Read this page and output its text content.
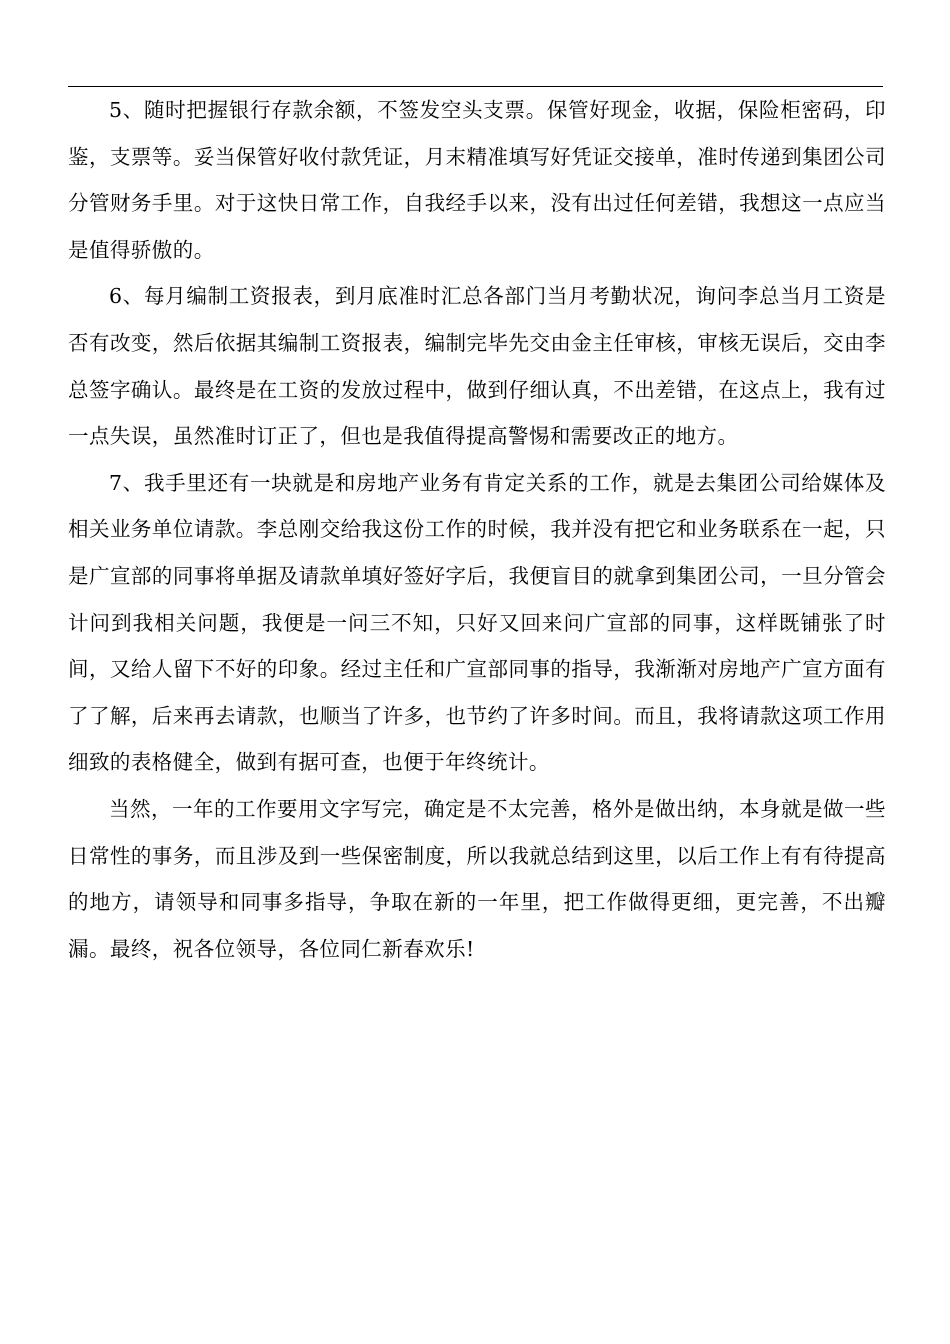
5、随时把握银行存款余额，不签发空头支票。保管好现金，收据，保险柜密码，印鉴，支票等。妥当保管好收付款凭证，月末精准填写好凭证交接单，准时传递到集团公司分管财务手里。对于这快日常工作，自我经手以来，没有出过任何差错，我想这一点应当是值得骄傲的。

6、每月编制工资报表，到月底准时汇总各部门当月考勤状况，询问李总当月工资是否有改变，然后依据其编制工资报表，编制完毕先交由金主任审核，审核无误后，交由李总签字确认。最终是在工资的发放过程中，做到仔细认真，不出差错，在这点上，我有过一点失误，虽然准时订正了，但也是我值得提高警惕和需要改正的地方。

7、我手里还有一块就是和房地产业务有肯定关系的工作，就是去集团公司给媒体及相关业务单位请款。李总刚交给我这份工作的时候，我并没有把它和业务联系在一起，只是广宣部的同事将单据及请款单填好签好字后，我便盲目的就拿到集团公司，一旦分管会计问到我相关问题，我便是一问三不知，只好又回来问广宣部的同事，这样既铺张了时间，又给人留下不好的印象。经过主任和广宣部同事的指导，我渐渐对房地产广宣方面有了了解，后来再去请款，也顺当了许多，也节约了许多时间。而且，我将请款这项工作用细致的表格健全，做到有据可查，也便于年终统计。

当然，一年的工作要用文字写完，确定是不太完善，格外是做出纳，本身就是做一些日常性的事务，而且涉及到一些保密制度，所以我就总结到这里，以后工作上有有待提高的地方，请领导和同事多指导，争取在新的一年里，把工作做得更细，更完善，不出瓣漏。最终，祝各位领导，各位同仁新春欢乐!
